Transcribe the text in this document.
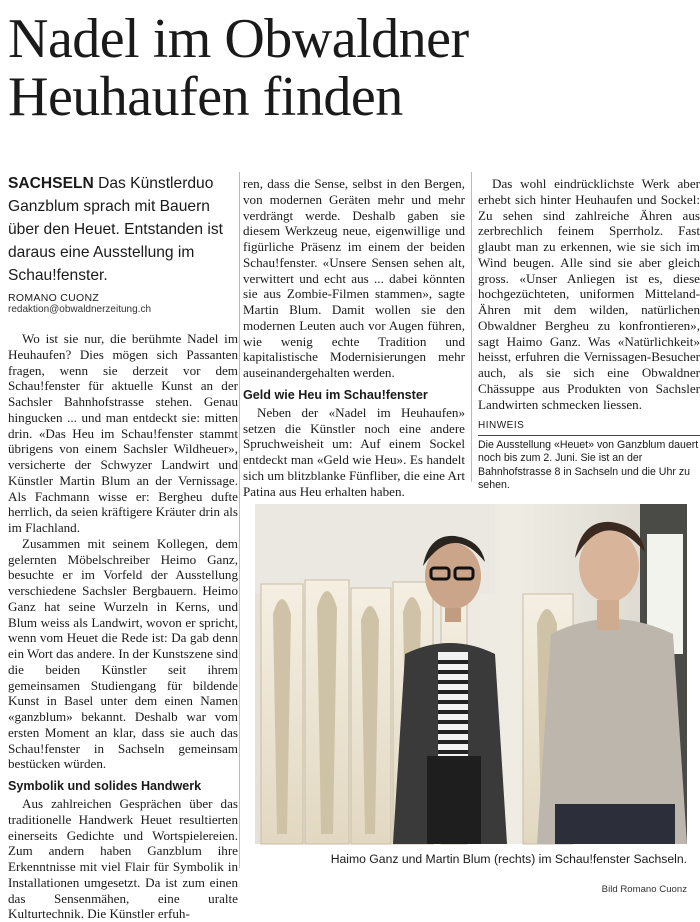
Nadel im Obwaldner
Heuhaufen finden
SACHSELN Das Künstlerduo Ganzblum sprach mit Bauern über den Heuet. Entstanden ist daraus eine Ausstellung im Schau!fenster.
ROMANO CUONZ
redaktion@obwaldnerzeitung.ch

Wo ist sie nur, die berühmte Nadel im Heuhaufen? Dies mögen sich Passanten fragen, wenn sie derzeit vor dem Schau!fenster für aktuelle Kunst an der Sachsler Bahnhofstrasse stehen. Genau hingucken ... und man entdeckt sie: mitten drin. «Das Heu im Schau!fenster stammt übrigens von einem Sachsler Wildheuer», versicherte der Schwyzer Landwirt und Künstler Martin Blum an der Vernissage. Als Fachmann wisse er: Bergheu dufte herrlich, da seien kräftigere Kräuter drin als im Flachland.

Zusammen mit seinem Kollegen, dem gelernten Möbelschreiber Heimo Ganz, besuchte er im Vorfeld der Ausstellung verschiedene Sachsler Bergbauern. Heimo Ganz hat seine Wurzeln in Kerns, und Blum weiss als Landwirt, wovon er spricht, wenn vom Heuet die Rede ist: Da gab denn ein Wort das andere. In der Kunstszene sind die beiden Künstler seit ihrem gemeinsamen Studiengang für bildende Kunst in Basel unter dem einen Namen «ganzblum» bekannt. Deshalb war vom ersten Moment an klar, dass sie auch das Schau!fenster in Sachseln gemeinsam bestücken würden.

Symbolik und solides Handwerk

Aus zahlreichen Gesprächen über das traditionelle Handwerk Heuet resultierten einerseits Gedichte und Wortspielereien. Zum andern haben Ganzblum ihre Erkenntnisse mit viel Flair für Symbolik in Installationen umgesetzt. Da ist zum einen das Sensenmähen, eine uralte Kulturtechnik. Die Künstler erfuh-

ren, dass die Sense, selbst in den Bergen, von modernen Geräten mehr und mehr verdrängt werde. Deshalb gaben sie diesem Werkzeug neue, eigenwillige und figürliche Präsenz im einem der beiden Schau!fenster. «Unsere Sensen sehen alt, verwittert und echt aus ... dabei könnten sie aus Zombie-Filmen stammen», sagte Martin Blum. Damit wollen sie den modernen Leuten auch vor Augen führen, wie wenig echte Tradition und kapitalistische Modernisierungen mehr auseinandergehalten werden.

Geld wie Heu im Schau!fenster

Neben der «Nadel im Heuhaufen» setzen die Künstler noch eine andere Spruchweisheit um: Auf einem Sockel entdeckt man «Geld wie Heu». Es handelt sich um blitzblanke Fünfliber, die eine Art Patina aus Heu erhalten haben.

Das wohl eindrücklichste Werk aber erhebt sich hinter Heuhaufen und Sockel: Zu sehen sind zahlreiche Ähren aus zerbrechlich feinem Sperrholz. Fast glaubt man zu erkennen, wie sie sich im Wind beugen. Alle sind sie aber gleich gross. «Unser Anliegen ist es, diese hochgezüchteten, uniformen Mitteland-Ähren mit dem wilden, natürlichen Obwaldner Bergheu zu konfrontieren», sagt Haimo Ganz. Was «Natürlichkeit» heisst, erfuhren die Vernissagen-Besucher auch, als sie sich eine Obwaldner Chässuppe aus Produkten von Sachsler Landwirten schmecken liessen.

HINWEIS
Die Ausstellung «Heuet» von Ganzblum dauert noch bis zum 2. Juni. Sie ist an der Bahnhofstrasse 8 in Sachseln und die Uhr zu sehen.
Haimo Ganz und Martin Blum (rechts) im Schau!fenster Sachseln.
Bild Romano Cuonz
